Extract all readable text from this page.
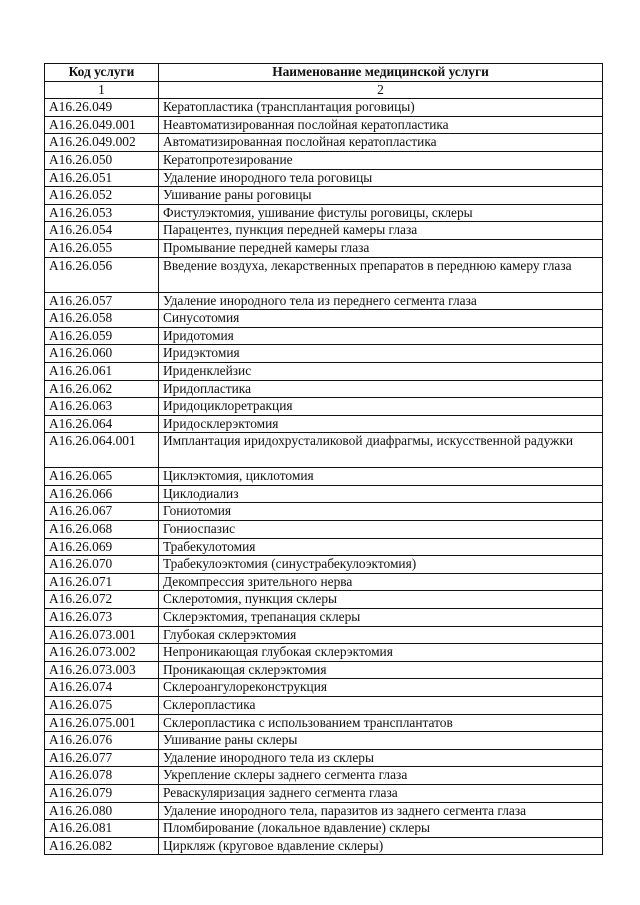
Код услуги	Наименование медицинской услуги
1	2
A16.26.049	Кератопластика (трансплантация роговицы)
A16.26.049.001	Неавтоматизированная послойная кератопластика
A16.26.049.002	Автоматизированная послойная кератопластика
A16.26.050	Кератопротезирование
A16.26.051	Удаление инородного тела роговицы
A16.26.052	Ушивание раны роговицы
A16.26.053	Фистулэктомия, ушивание фистулы роговицы, склеры
A16.26.054	Парацентез, пункция передней камеры глаза
A16.26.055	Промывание передней камеры глаза
A16.26.056	Введение воздуха, лекарственных препаратов в переднюю камеру глаза
A16.26.057	Удаление инородного тела из переднего сегмента глаза
A16.26.058	Синусотомия
A16.26.059	Иридотомия
A16.26.060	Иридэктомия
A16.26.061	Ириденклейзис
A16.26.062	Иридопластика
A16.26.063	Иридоциклоретракция
A16.26.064	Иридосклерэктомия
A16.26.064.001	Имплантация иридохрусталиковой диафрагмы, искусственной радужки
A16.26.065	Циклэктомия, циклотомия
A16.26.066	Циклодиализ
A16.26.067	Гониотомия
A16.26.068	Гониоспазис
A16.26.069	Трабекулотомия
A16.26.070	Трабекулоэктомия (синустрабекулоэктомия)
A16.26.071	Декомпрессия зрительного нерва
A16.26.072	Склеротомия, пункция склеры
A16.26.073	Склерэктомия, трепанация склеры
A16.26.073.001	Глубокая склерэктомия
A16.26.073.002	Непроникающая глубокая склерэктомия
A16.26.073.003	Проникающая склерэктомия
A16.26.074	Склероангулореконструкция
A16.26.075	Склеропластика
A16.26.075.001	Склеропластика с использованием трансплантатов
A16.26.076	Ушивание раны склеры
A16.26.077	Удаление инородного тела из склеры
A16.26.078	Укрепление склеры заднего сегмента глаза
A16.26.079	Реваскуляризация заднего сегмента глаза
A16.26.080	Удаление инородного тела, паразитов из заднего сегмента глаза
A16.26.081	Пломбирование (локальное вдавление) склеры
A16.26.082	Циркляж (круговое вдавление склеры)
